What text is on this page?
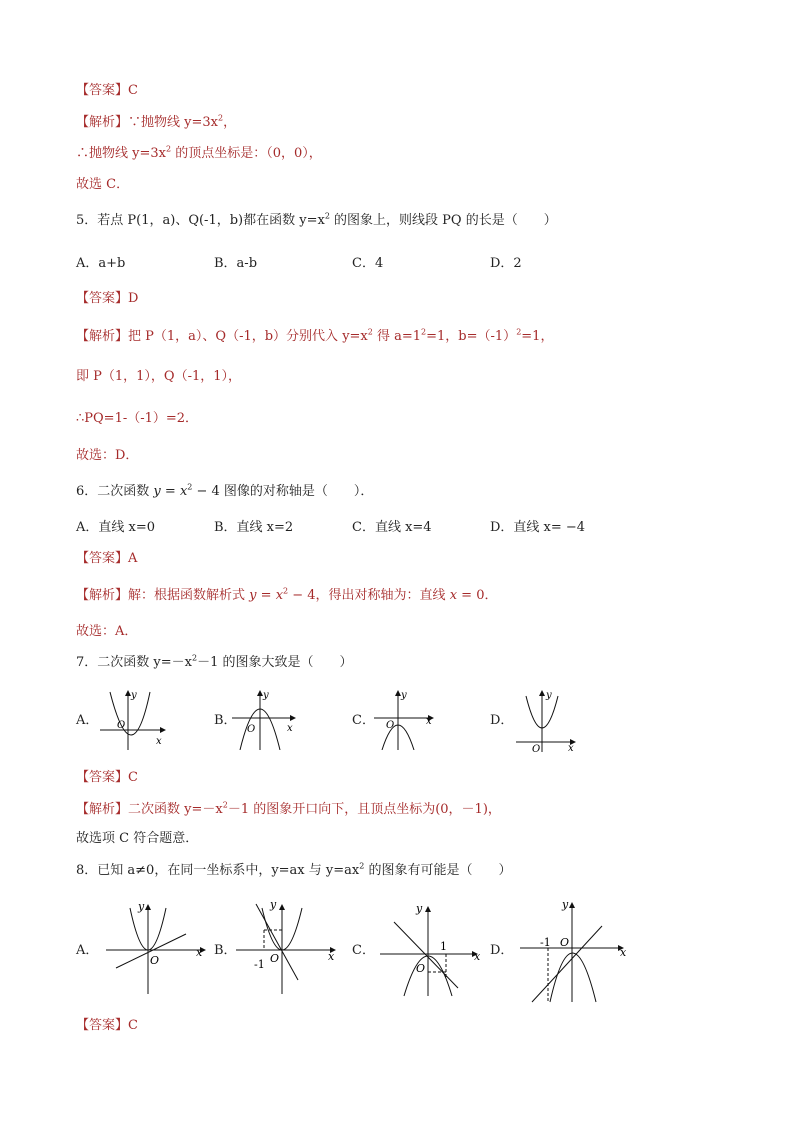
【答案】C
【解析】∵抛物线 $y=3x^2$，
∴抛物线 $y=3x^2$ 的顶点坐标是：（0，0），
故选 C．
5．若点 P(1，a)、Q(-1，b)都在函数 $y=x^2$ 的图象上，则线段 PQ 的长是（　　）
A．a+b	B．a-b	C．4	D．2
【答案】D
【解析】把 P（1，a）、Q（-1，b）分别代入 $y=x^2$ 得 $a=1^2=1$，$b=(-1)^2=1$，
即 P（1，1），Q（-1，1），
∴PQ=1-（-1）=2．
故选：D．
6．二次函数 $y = x^2 - 4$ 图像的对称轴是（　　）．
A．直线 x=0	B．直线 x=2	C．直线 x=4	D．直线 x= −4
【答案】A
【解析】解：根据函数解析式 $y = x^2 - 4$，得出对称轴为：直线 x = 0．
故选：A．
7．二次函数 $y=-x^2-1$ 的图象大致是（　　）
A．
y
x
O	B．
y
x
O
C．
y
x
O	D．
y
x
O
【答案】C
【解析】二次函数 $y=-x^2-1$ 的图象开口向下，且顶点坐标为(0，－1)，
故选项 C 符合题意．
8．已知 a≠0，在同一坐标系中，y=ax 与 $y=ax^2$ 的图象有可能是（　　）
A．
y
x
O
B．
y
x
O
-1
C．
y
x
O
1	D．
y
x
O
-1
【答案】C
